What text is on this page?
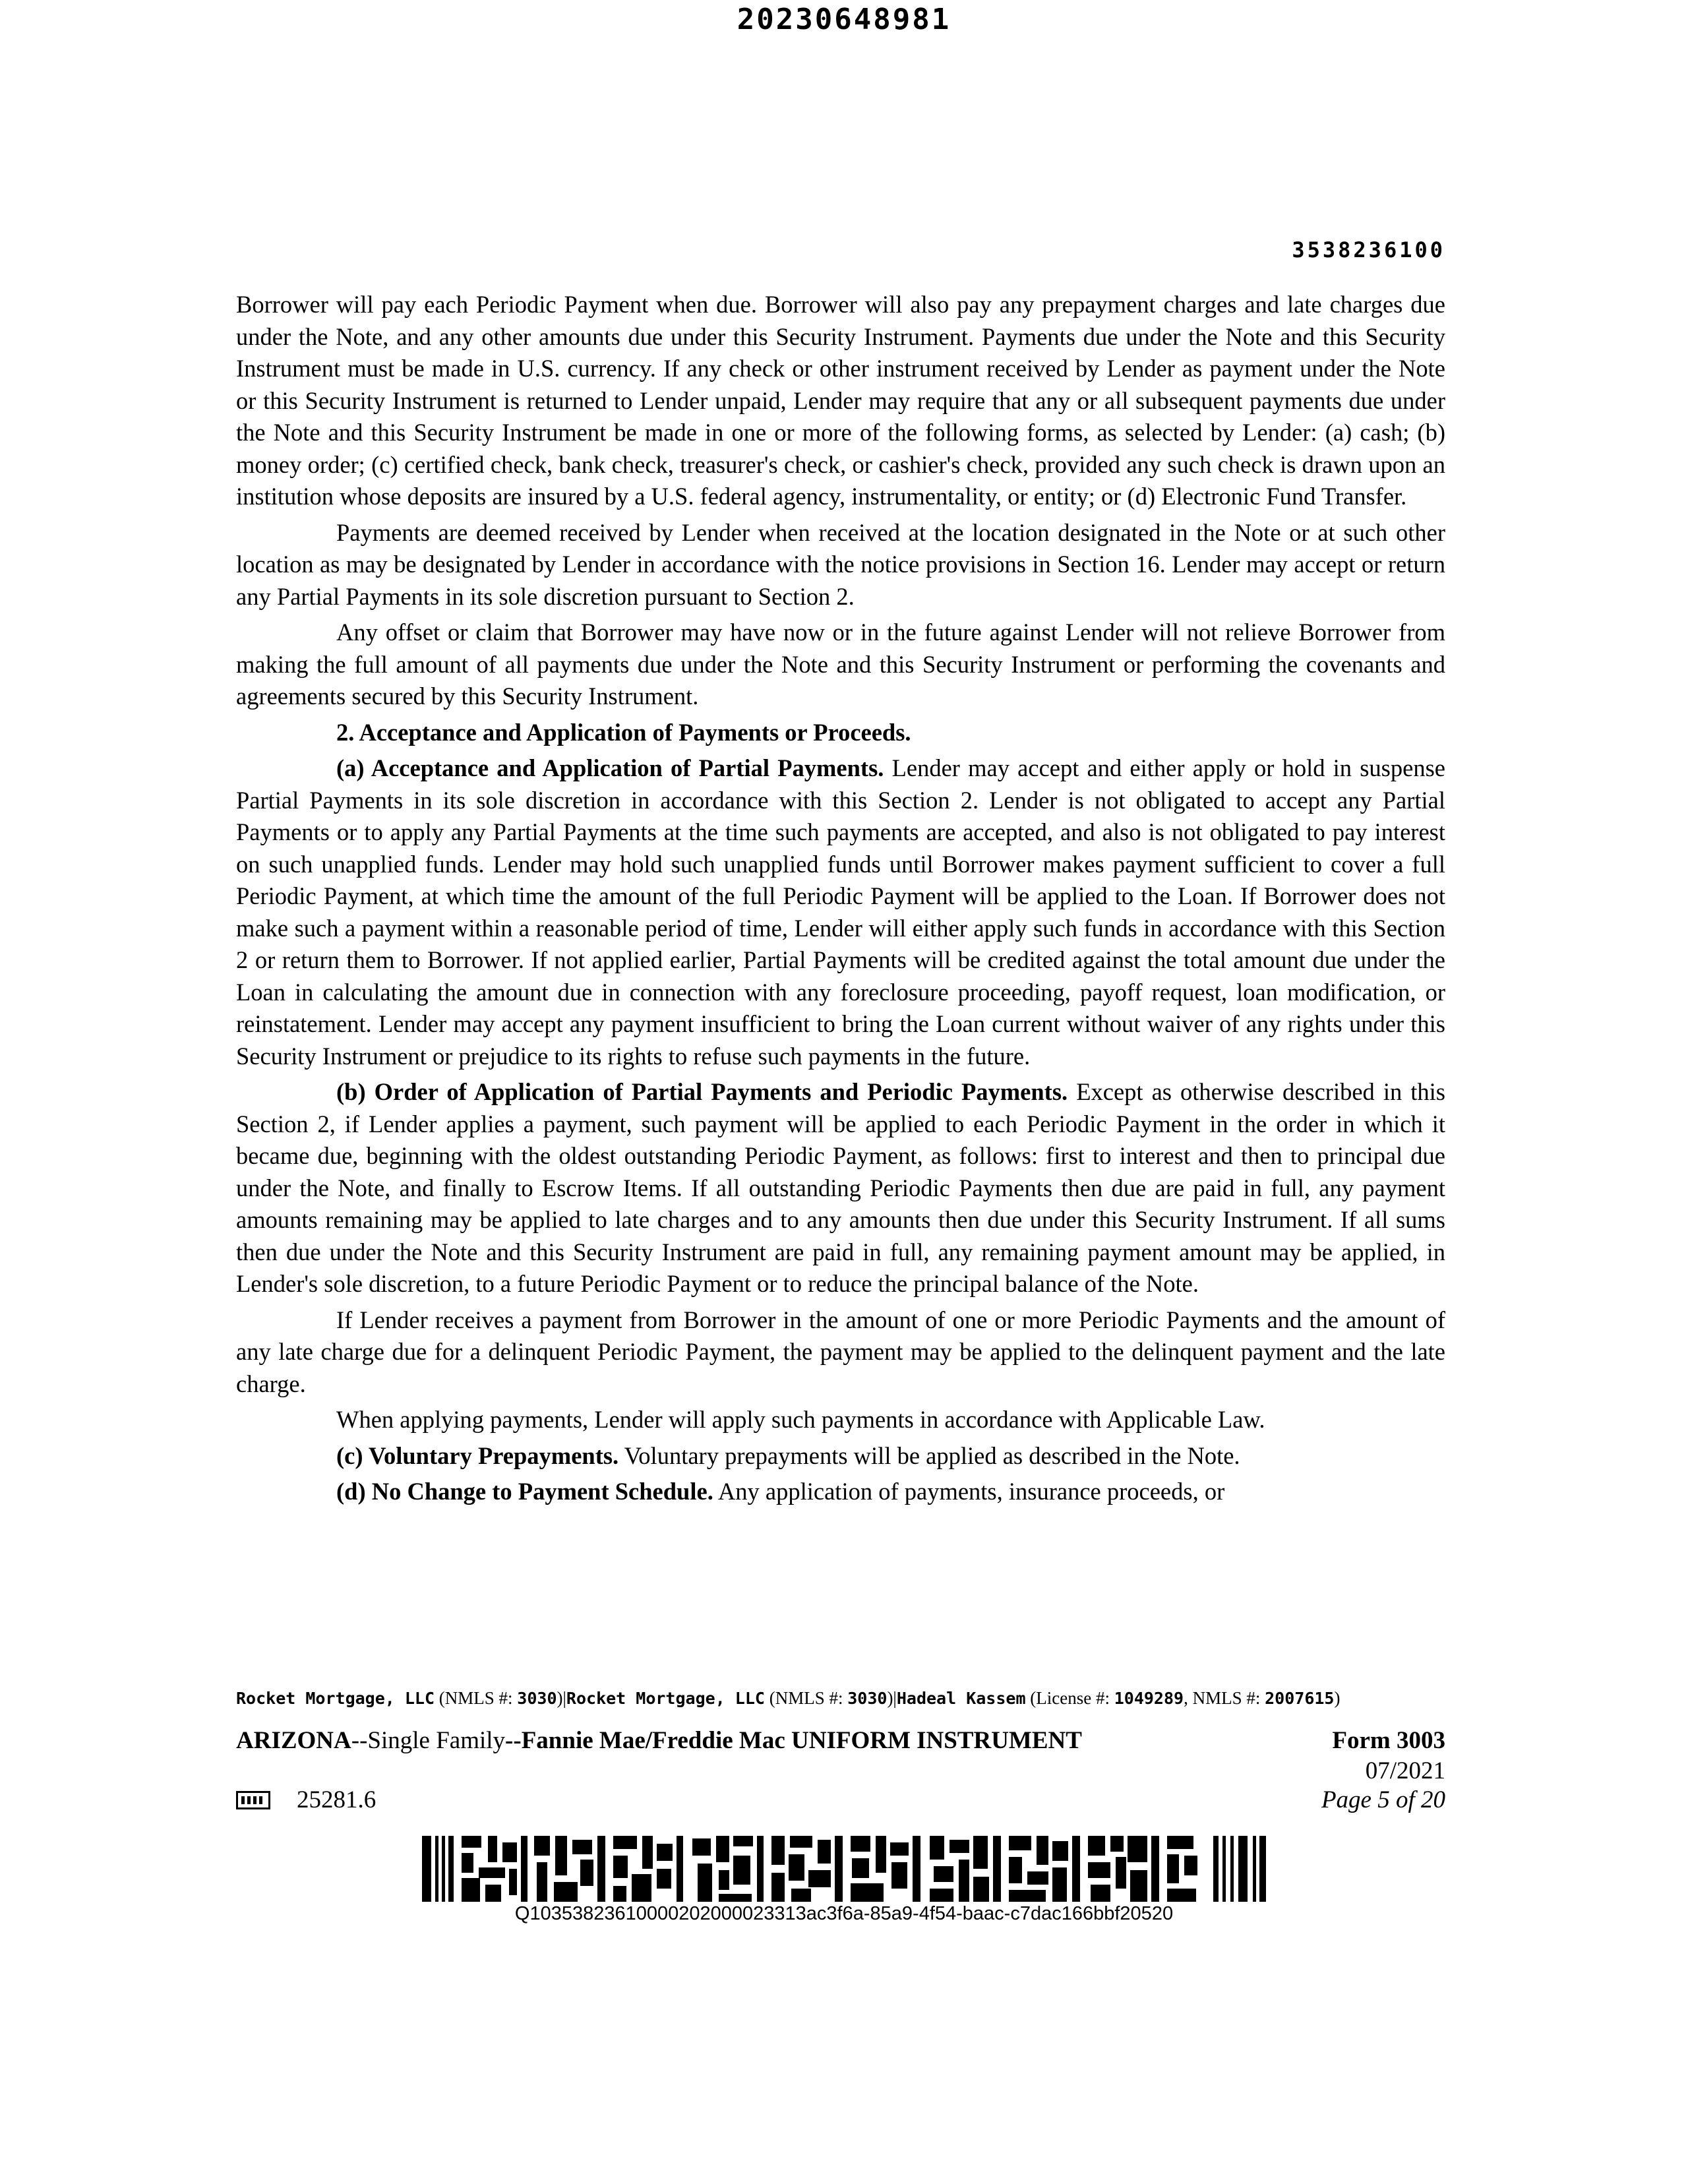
20230648981
3538236100

Borrower will pay each Periodic Payment when due. Borrower will also pay any prepayment charges and late charges due under the Note, and any other amounts due under this Security Instrument. Payments due under the Note and this Security Instrument must be made in U.S. currency. If any check or other instrument received by Lender as payment under the Note or this Security Instrument is returned to Lender unpaid, Lender may require that any or all subsequent payments due under the Note and this Security Instrument be made in one or more of the following forms, as selected by Lender: (a) cash; (b) money order; (c) certified check, bank check, treasurer's check, or cashier's check, provided any such check is drawn upon an institution whose deposits are insured by a U.S. federal agency, instrumentality, or entity; or (d) Electronic Fund Transfer.

Payments are deemed received by Lender when received at the location designated in the Note or at such other location as may be designated by Lender in accordance with the notice provisions in Section 16. Lender may accept or return any Partial Payments in its sole discretion pursuant to Section 2.

Any offset or claim that Borrower may have now or in the future against Lender will not relieve Borrower from making the full amount of all payments due under the Note and this Security Instrument or performing the covenants and agreements secured by this Security Instrument.

2. Acceptance and Application of Payments or Proceeds.

(a) Acceptance and Application of Partial Payments. Lender may accept and either apply or hold in suspense Partial Payments in its sole discretion in accordance with this Section 2. Lender is not obligated to accept any Partial Payments or to apply any Partial Payments at the time such payments are accepted, and also is not obligated to pay interest on such unapplied funds. Lender may hold such unapplied funds until Borrower makes payment sufficient to cover a full Periodic Payment, at which time the amount of the full Periodic Payment will be applied to the Loan. If Borrower does not make such a payment within a reasonable period of time, Lender will either apply such funds in accordance with this Section 2 or return them to Borrower. If not applied earlier, Partial Payments will be credited against the total amount due under the Loan in calculating the amount due in connection with any foreclosure proceeding, payoff request, loan modification, or reinstatement. Lender may accept any payment insufficient to bring the Loan current without waiver of any rights under this Security Instrument or prejudice to its rights to refuse such payments in the future.

(b) Order of Application of Partial Payments and Periodic Payments. Except as otherwise described in this Section 2, if Lender applies a payment, such payment will be applied to each Periodic Payment in the order in which it became due, beginning with the oldest outstanding Periodic Payment, as follows: first to interest and then to principal due under the Note, and finally to Escrow Items. If all outstanding Periodic Payments then due are paid in full, any payment amounts remaining may be applied to late charges and to any amounts then due under this Security Instrument. If all sums then due under the Note and this Security Instrument are paid in full, any remaining payment amount may be applied, in Lender's sole discretion, to a future Periodic Payment or to reduce the principal balance of the Note.

If Lender receives a payment from Borrower in the amount of one or more Periodic Payments and the amount of any late charge due for a delinquent Periodic Payment, the payment may be applied to the delinquent payment and the late charge.

When applying payments, Lender will apply such payments in accordance with Applicable Law.

(c) Voluntary Prepayments. Voluntary prepayments will be applied as described in the Note.

(d) No Change to Payment Schedule. Any application of payments, insurance proceeds, or

Rocket Mortgage, LLC (NMLS #: 3030)|Rocket Mortgage, LLC (NMLS #: 3030)|Hadeal Kassem (License #: 1049289, NMLS #: 2007615)
ARIZONA--Single Family--Fannie Mae/Freddie Mac UNIFORM INSTRUMENT	Form 3003
07/2021
Page 5 of 20
25281.6
Q10353823610000202000023313ac3f6a-85a9-4f54-baac-c7dac166bbf20520
